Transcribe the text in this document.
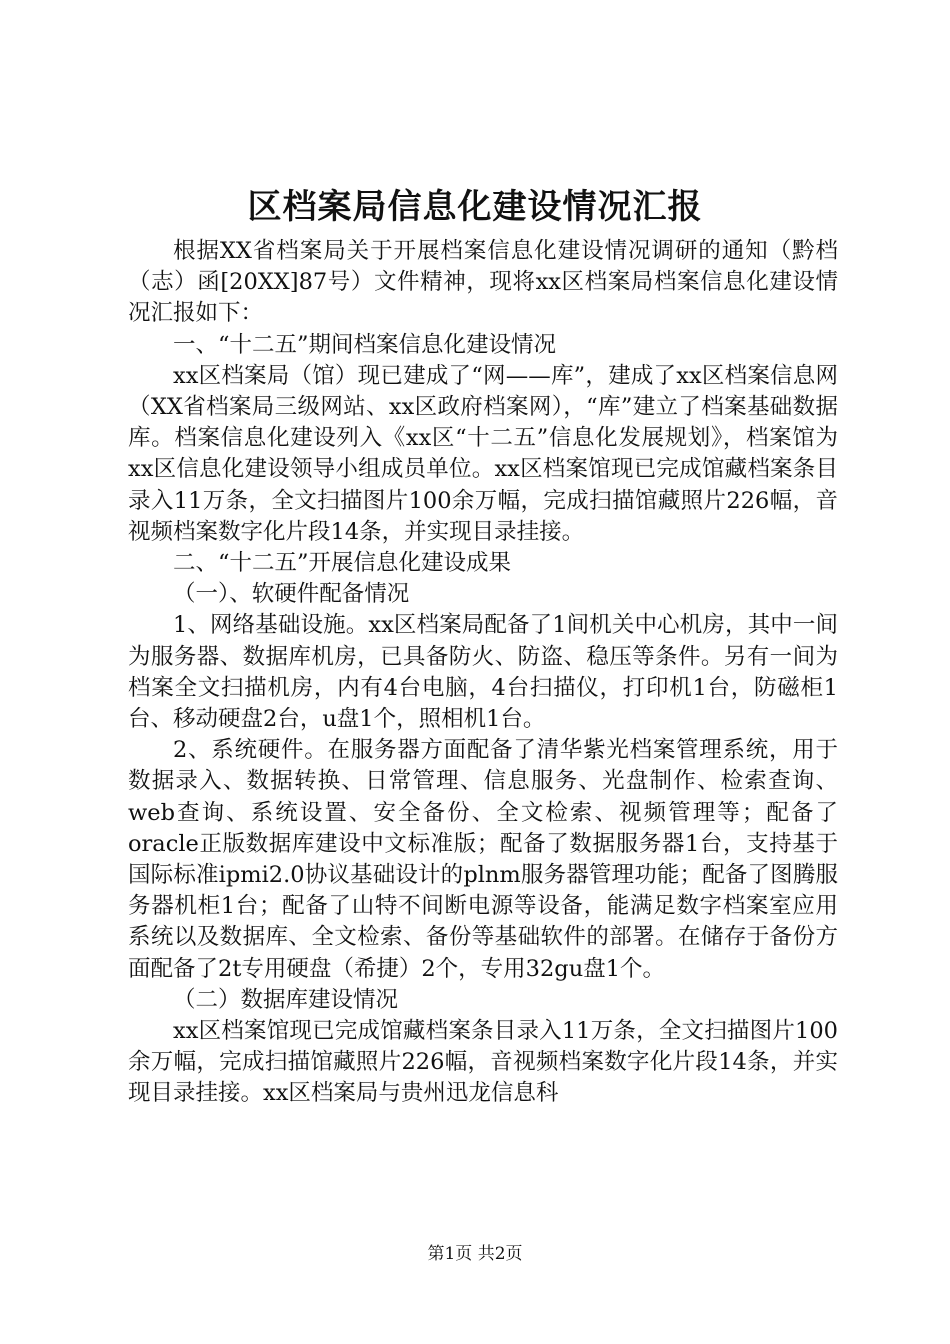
区档案局信息化建设情况汇报

根据XX省档案局关于开展档案信息化建设情况调研的通知（黔档（志）函[20XX]87号）文件精神，现将xx区档案局档案信息化建设情况汇报如下：

一、“十二五”期间档案信息化建设情况

xx区档案局（馆）现已建成了“网——库”，建成了xx区档案信息网（XX省档案局三级网站、xx区政府档案网），“库”建立了档案基础数据库。档案信息化建设列入《xx区“十二五”信息化发展规划》，档案馆为xx区信息化建设领导小组成员单位。xx区档案馆现已完成馆藏档案条目录入11万条，全文扫描图片100余万幅，完成扫描馆藏照片226幅，音视频档案数字化片段14条，并实现目录挂接。

二、“十二五”开展信息化建设成果

（一）、软硬件配备情况

1、网络基础设施。xx区档案局配备了1间机关中心机房，其中一间为服务器、数据库机房，已具备防火、防盗、稳压等条件。另有一间为档案全文扫描机房，内有4台电脑，4台扫描仪，打印机1台，防磁柜1台、移动硬盘2台，u盘1个，照相机1台。

2、系统硬件。在服务器方面配备了清华紫光档案管理系统，用于数据录入、数据转换、日常管理、信息服务、光盘制作、检索查询、web查询、系统设置、安全备份、全文检索、视频管理等；配备了oracle正版数据库建设中文标准版；配备了数据服务器1台，支持基于国际标准ipmi2.0协议基础设计的plnm服务器管理功能；配备了图腾服务器机柜1台；配备了山特不间断电源等设备，能满足数字档案室应用系统以及数据库、全文检索、备份等基础软件的部署。在储存于备份方面配备了2t专用硬盘（希捷）2个，专用32gu盘1个。

（二）数据库建设情况

xx区档案馆现已完成馆藏档案条目录入11万条，全文扫描图片100余万幅，完成扫描馆藏照片226幅，音视频档案数字化片段14条，并实现目录挂接。xx区档案局与贵州迅龙信息科

第1页 共2页
